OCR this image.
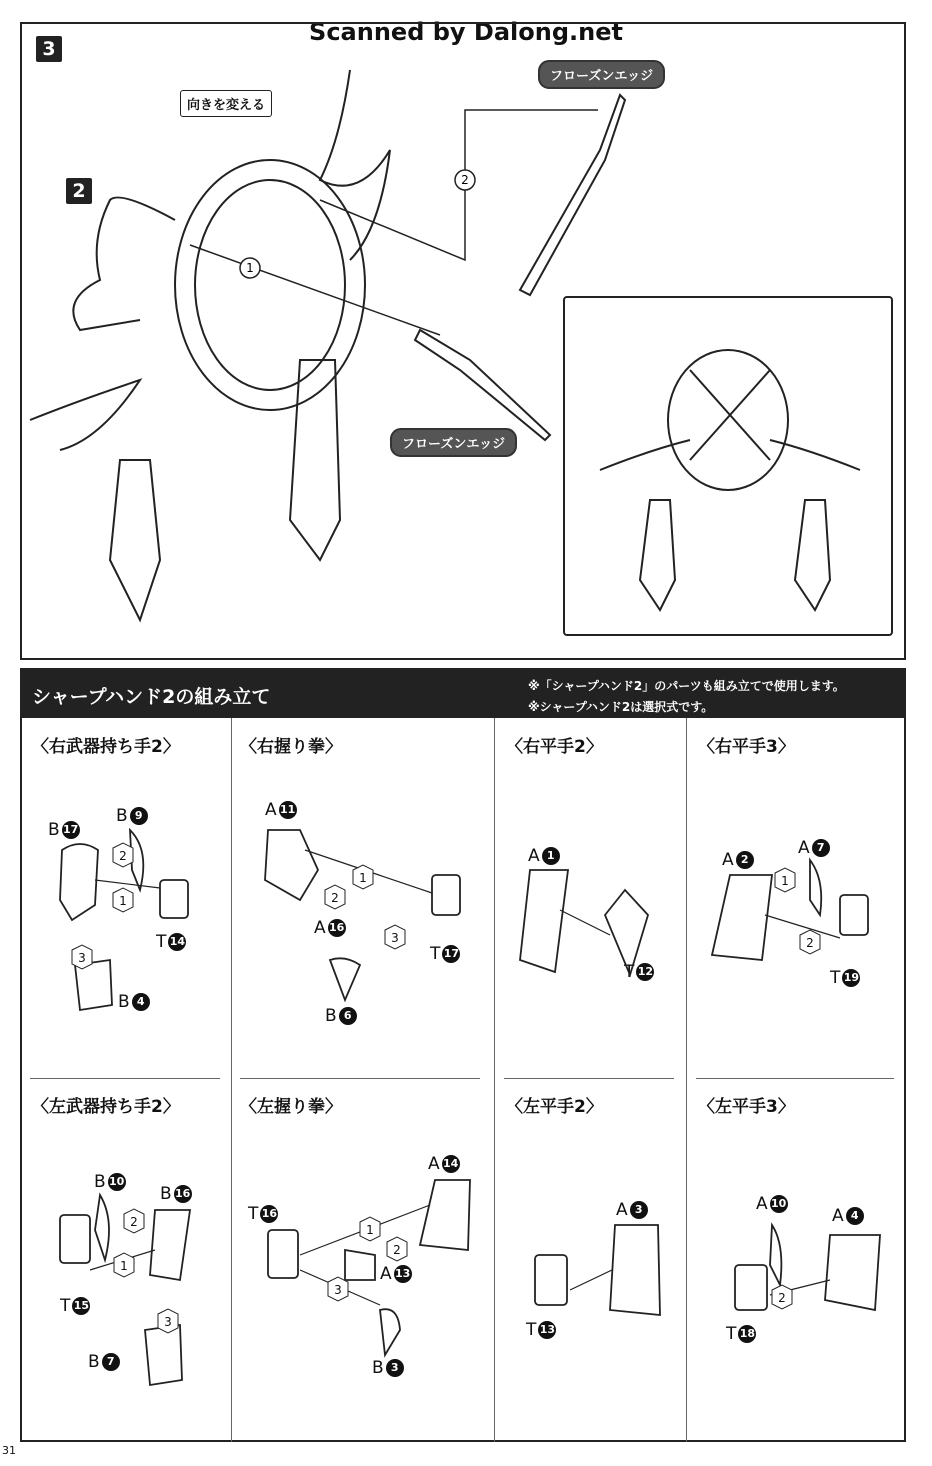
Scanned by Dalong.net
3
2
向きを変える
フローズンエッジ
フローズンエッジ
1
2
シャープハンド2の組み立て	※「シャープハンド2」のパーツも組み立てで使用します。
※シャープハンド2は選択式です。
〈右武器持ち手2〉	〈右握り拳〉	〈右平手2〉	〈右平手3〉
〈左武器持ち手2〉	〈左握り拳〉	〈左平手2〉	〈左平手3〉
B 17
B 9
T 14
B 4
A 11
A 16
T 17
B 6
A 1
T 12
A 2
A 7
T 19
B 10
B 16
T 15
B 7
A 14
T 16
A 13
B 3
A 3
T 13
A 10
A 4
T 18
2
1
3
1
2
3
1
2
2
1
3
1
2
3
2
31
